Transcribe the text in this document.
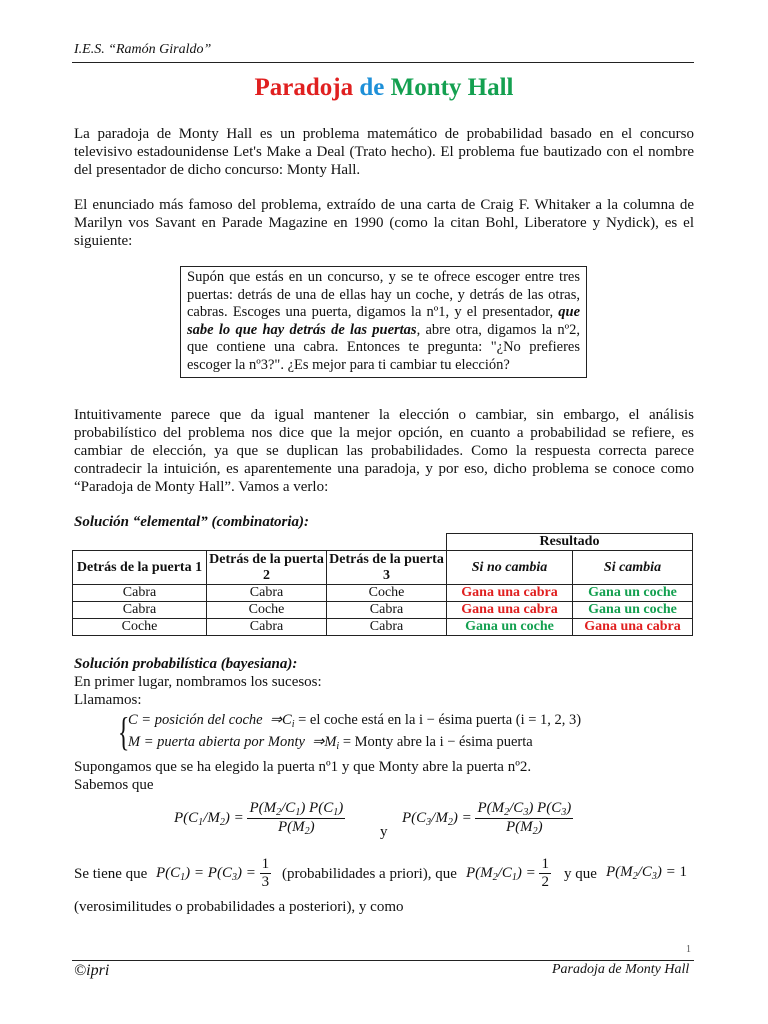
I.E.S. “Ramón Giraldo”
Paradoja de Monty Hall
La paradoja de Monty Hall es un problema matemático de probabilidad basado en el concurso televisivo estadounidense Let's Make a Deal (Trato hecho). El problema fue bautizado con el nombre del presentador de dicho concurso: Monty Hall.
El enunciado más famoso del problema, extraído de una carta de Craig F. Whitaker a la columna de Marilyn vos Savant en Parade Magazine en 1990 (como la citan Bohl, Liberatore y Nydick), es el siguiente:
Supón que estás en un concurso, y se te ofrece escoger entre tres puertas: detrás de una de ellas hay un coche, y detrás de las otras, cabras. Escoges una puerta, digamos la nº1, y el presentador, que sabe lo que hay detrás de las puertas, abre otra, digamos la nº2, que contiene una cabra. Entonces te pregunta: "¿No prefieres escoger la nº3?". ¿Es mejor para ti cambiar tu elección?
Intuitivamente parece que da igual mantener la elección o cambiar, sin embargo, el análisis probabilístico del problema nos dice que la mejor opción, en cuanto a probabilidad se refiere, es cambiar de elección, ya que se duplican las probabilidades. Como la respuesta correcta parece contradecir la intuición, es aparentemente una paradoja, y por eso, dicho problema se conoce como “Paradoja de Monty Hall”. Vamos a verlo:
Solución “elemental” (combinatoria):
			Resultado	
Detrás de la puerta 1	Detrás de la puerta 2	Detrás de la puerta 3	Si no cambia	Si cambia
Cabra	Cabra	Coche	Gana una cabra	Gana un coche
Cabra	Coche	Cabra	Gana una cabra	Gana un coche
Coche	Cabra	Cabra	Gana un coche	Gana una cabra
Solución probabilística (bayesiana):
En primer lugar, nombramos los sucesos:
Llamamos:
{
C = posición del coche  $\Rightarrow C_i$ = el coche está en la i − ésima puerta (i = 1, 2, 3)
M = puerta abierta por Monty  $\Rightarrow M_i$ = Monty abre la i − ésima puerta
Supongamos que se ha elegido la puerta nº1 y que Monty abre la puerta nº2.
Sabemos que
$P(C_1/M_2) = \frac{P(M_2/C_1) P(C_1)}{P(M_2)}$ y
$P(C_3/M_2) = \frac{P(M_2/C_3) P(C_3)}{P(M_2)}$
Se tiene que $P(C_1) = P(C_3) = \frac{1}{3}$ (probabilidades a priori), que $P(M_2/C_1) = \frac{1}{2}$ y que $P(M_2/C_3) = 1$
(verosimilitudes o probabilidades a posteriori), y como
1
©ipri	Paradoja de Monty Hall
